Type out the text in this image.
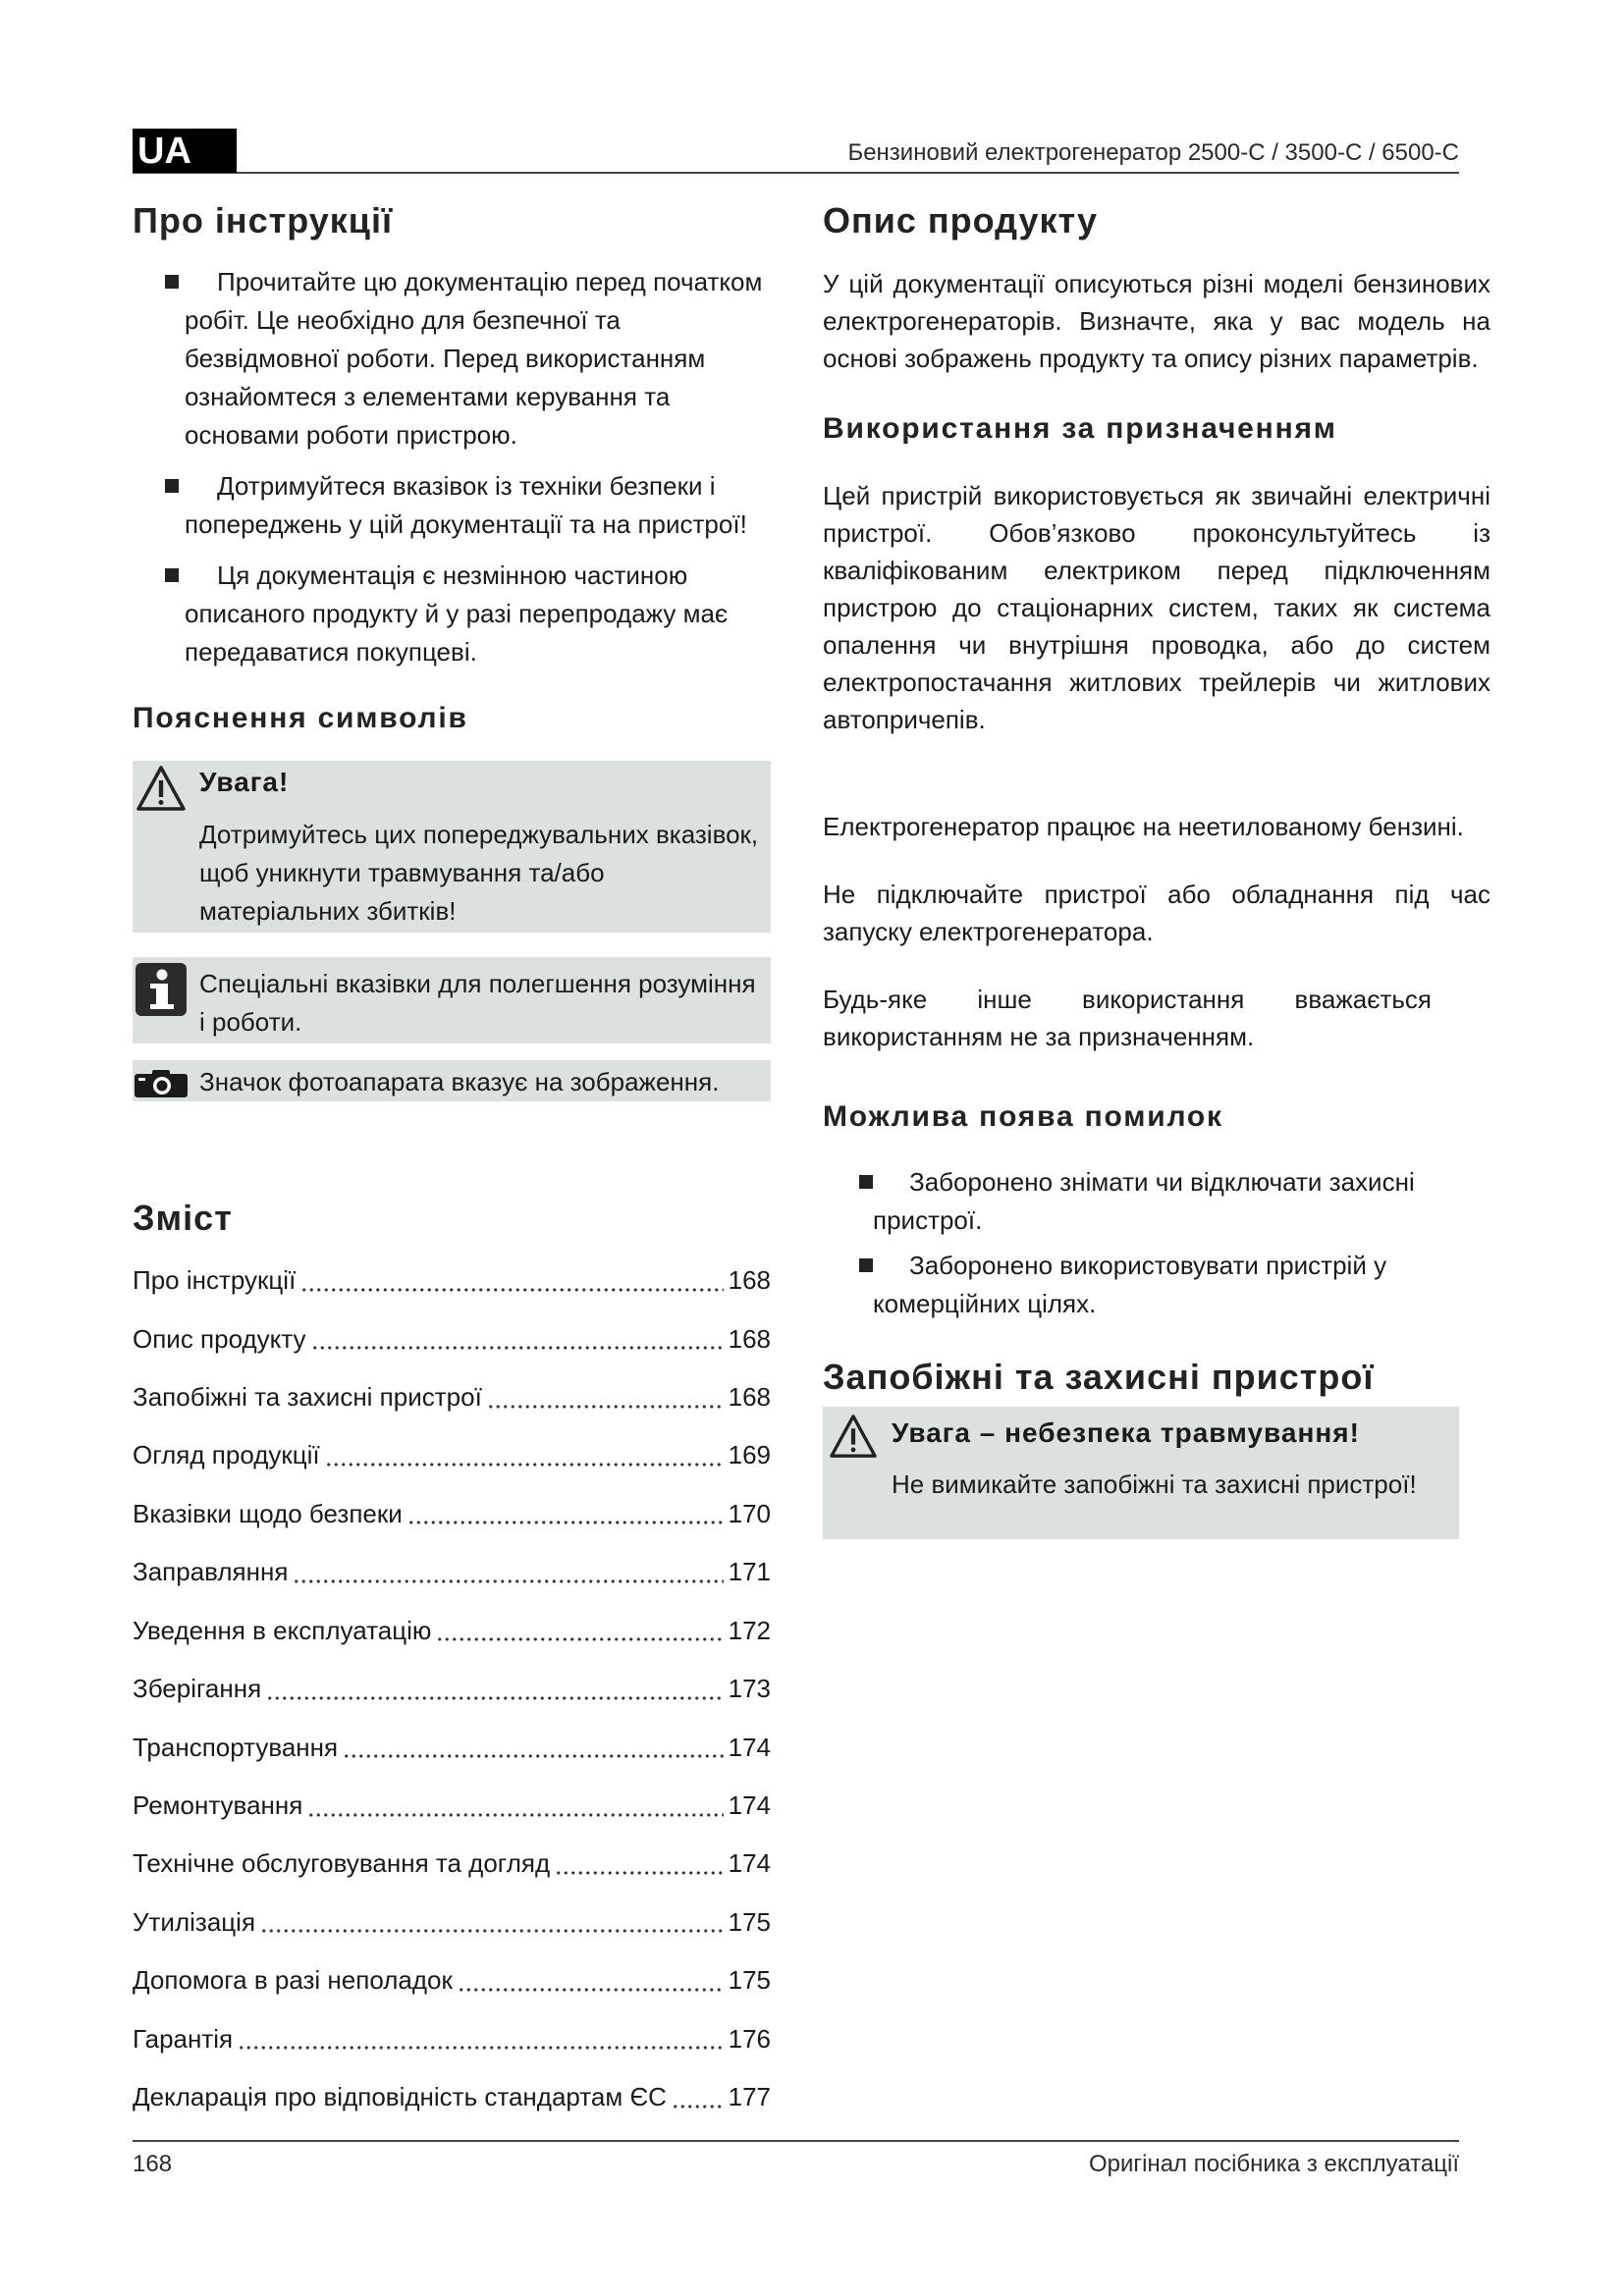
UA	Бензиновий електрогенератор 2500-C / 3500-C / 6500-C
Про інструкції
Прочитайте цю документацію перед початком робіт. Це необхідно для безпечної та безвідмовної роботи. Перед використанням ознайомтеся з елементами керування та основами роботи пристрою.
Дотримуйтеся вказівок із техніки безпеки і попереджень у цій документації та на пристрої!
Ця документація є незмінною частиною описаного продукту й у разі перепродажу має передаватися покупцеві.
Пояснення символів
Увага!
Дотримуйтесь цих попереджувальних вказівок, щоб уникнути травмування та/або матеріальних збитків!
Спеціальні вказівки для полегшення розуміння і роботи.
Значок фотоапарата вказує на зображення.
Зміст
Про інструкції	168
Опис продукту	168
Запобіжні та захисні пристрої	168
Огляд продукції	169
Вказівки щодо безпеки	170
Заправляння	171
Уведення в експлуатацію	172
Зберігання	173
Транспортування	174
Ремонтування	174
Технічне обслуговування та догляд	174
Утилізація	175
Допомога в разі неполадок	175
Гарантія	176
Декларація про відповідність стандартам ЄС 177
Опис продукту

У цій документації описуються різні моделі бензинових електрогенераторів. Визначте, яка у вас модель на основі зображень продукту та опису різних параметрів.

Використання за призначенням

Цей пристрій використовується як звичайні електричні пристрої. Обов’язково проконсультуйтесь із кваліфікованим електриком перед підключенням пристрою до стаціонарних систем, таких як система опалення чи внутрішня проводка, або до систем електропостачання житлових трейлерів чи житлових автопричепів.

Електрогенератор працює на неетилованому бензині.

Не підключайте пристрої або обладнання під час запуску електрогенератора.

Будь-яке інше використання вважається використанням не за призначенням.

Можлива поява помилок
Заборонено знімати чи відключати захисні пристрої.
Заборонено використовувати пристрій у комерційних цілях.
Запобіжні та захисні пристрої
Увага – небезпека травмування!
Не вимикайте запобіжні та захисні пристрої!
168	Оригінал посібника з експлуатації
